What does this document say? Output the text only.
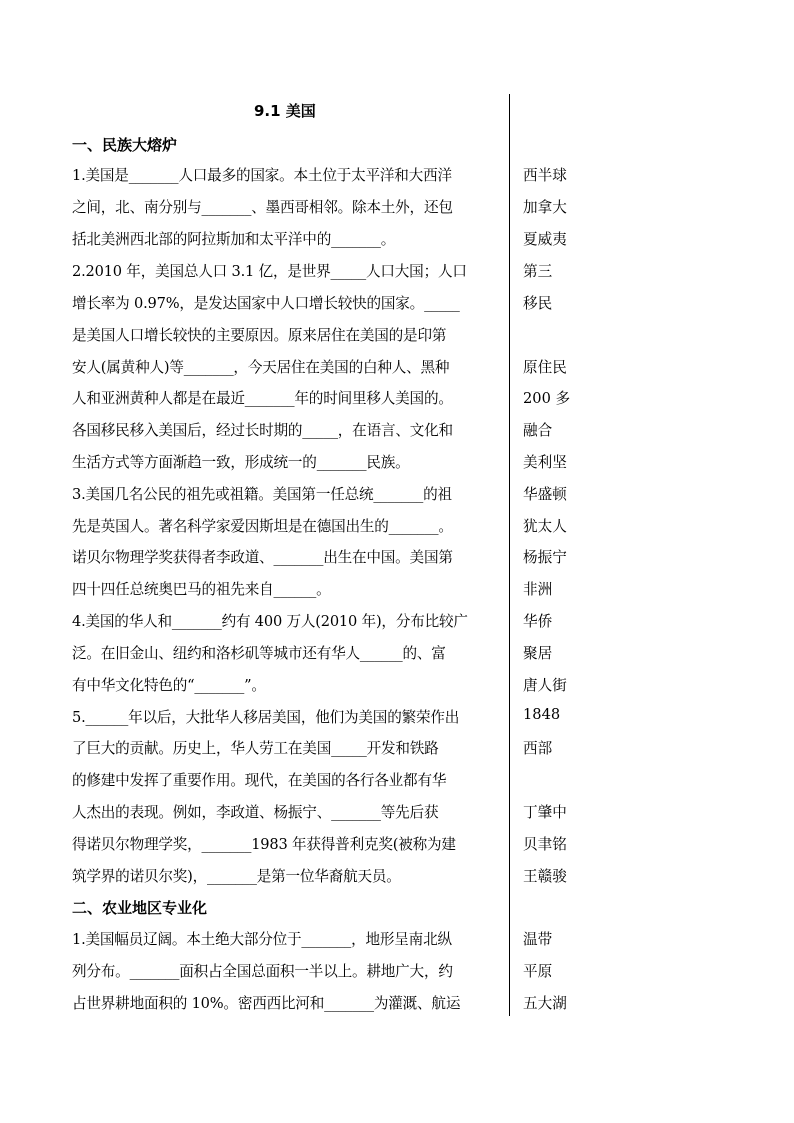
9.1 美国
一、民族大熔炉
1.美国是_______人口最多的国家。本土位于太平洋和大西洋
之间，北、南分别与_______、墨西哥相邻。除本土外，还包
括北美洲西北部的阿拉斯加和太平洋中的_______。
2.2010 年，美国总人口 3.1 亿，是世界_____人口大国；人口
增长率为 0.97%，是发达国家中人口增长较快的国家。_____
是美国人口增长较快的主要原因。原来居住在美国的是印第
安人(属黄种人)等_______，今天居住在美国的白种人、黑种
人和亚洲黄种人都是在最近_______年的时间里移人美国的。
各国移民移入美国后，经过长时期的_____，在语言、文化和
生活方式等方面渐趋一致，形成统一的_______民族。
3.美国几名公民的祖先或祖籍。美国第一任总统_______的祖
先是英国人。著名科学家爱因斯坦是在德国出生的_______。
诺贝尔物理学奖获得者李政道、_______出生在中国。美国第
四十四任总统奥巴马的祖先来自______。
4.美国的华人和_______约有 400 万人(2010 年)，分布比较广
泛。在旧金山、纽约和洛杉矶等城市还有华人______的、富
有中华文化特色的“_______”。
5.______年以后，大批华人移居美国，他们为美国的繁荣作出
了巨大的贡献。历史上，华人劳工在美国_____开发和铁路
的修建中发挥了重要作用。现代，在美国的各行各业都有华
人杰出的表现。例如，李政道、杨振宁、_______等先后获
得诺贝尔物理学奖，_______1983 年获得普利克奖(被称为建
筑学界的诺贝尔奖)，_______是第一位华裔航天员。
二、农业地区专业化
1.美国幅员辽阔。本土绝大部分位于_______，地形呈南北纵
列分布。_______面积占全国总面积一半以上。耕地广大，约
占世界耕地面积的 10%。密西西比河和_______为灌溉、航运
西半球
加拿大
夏威夷
第三
移民
原住民
200 多
融合
美利坚
华盛顿
犹太人
杨振宁
非洲
华侨
聚居
唐人街
1848
西部
丁肇中
贝聿铭
王赣骏
温带
平原
五大湖
